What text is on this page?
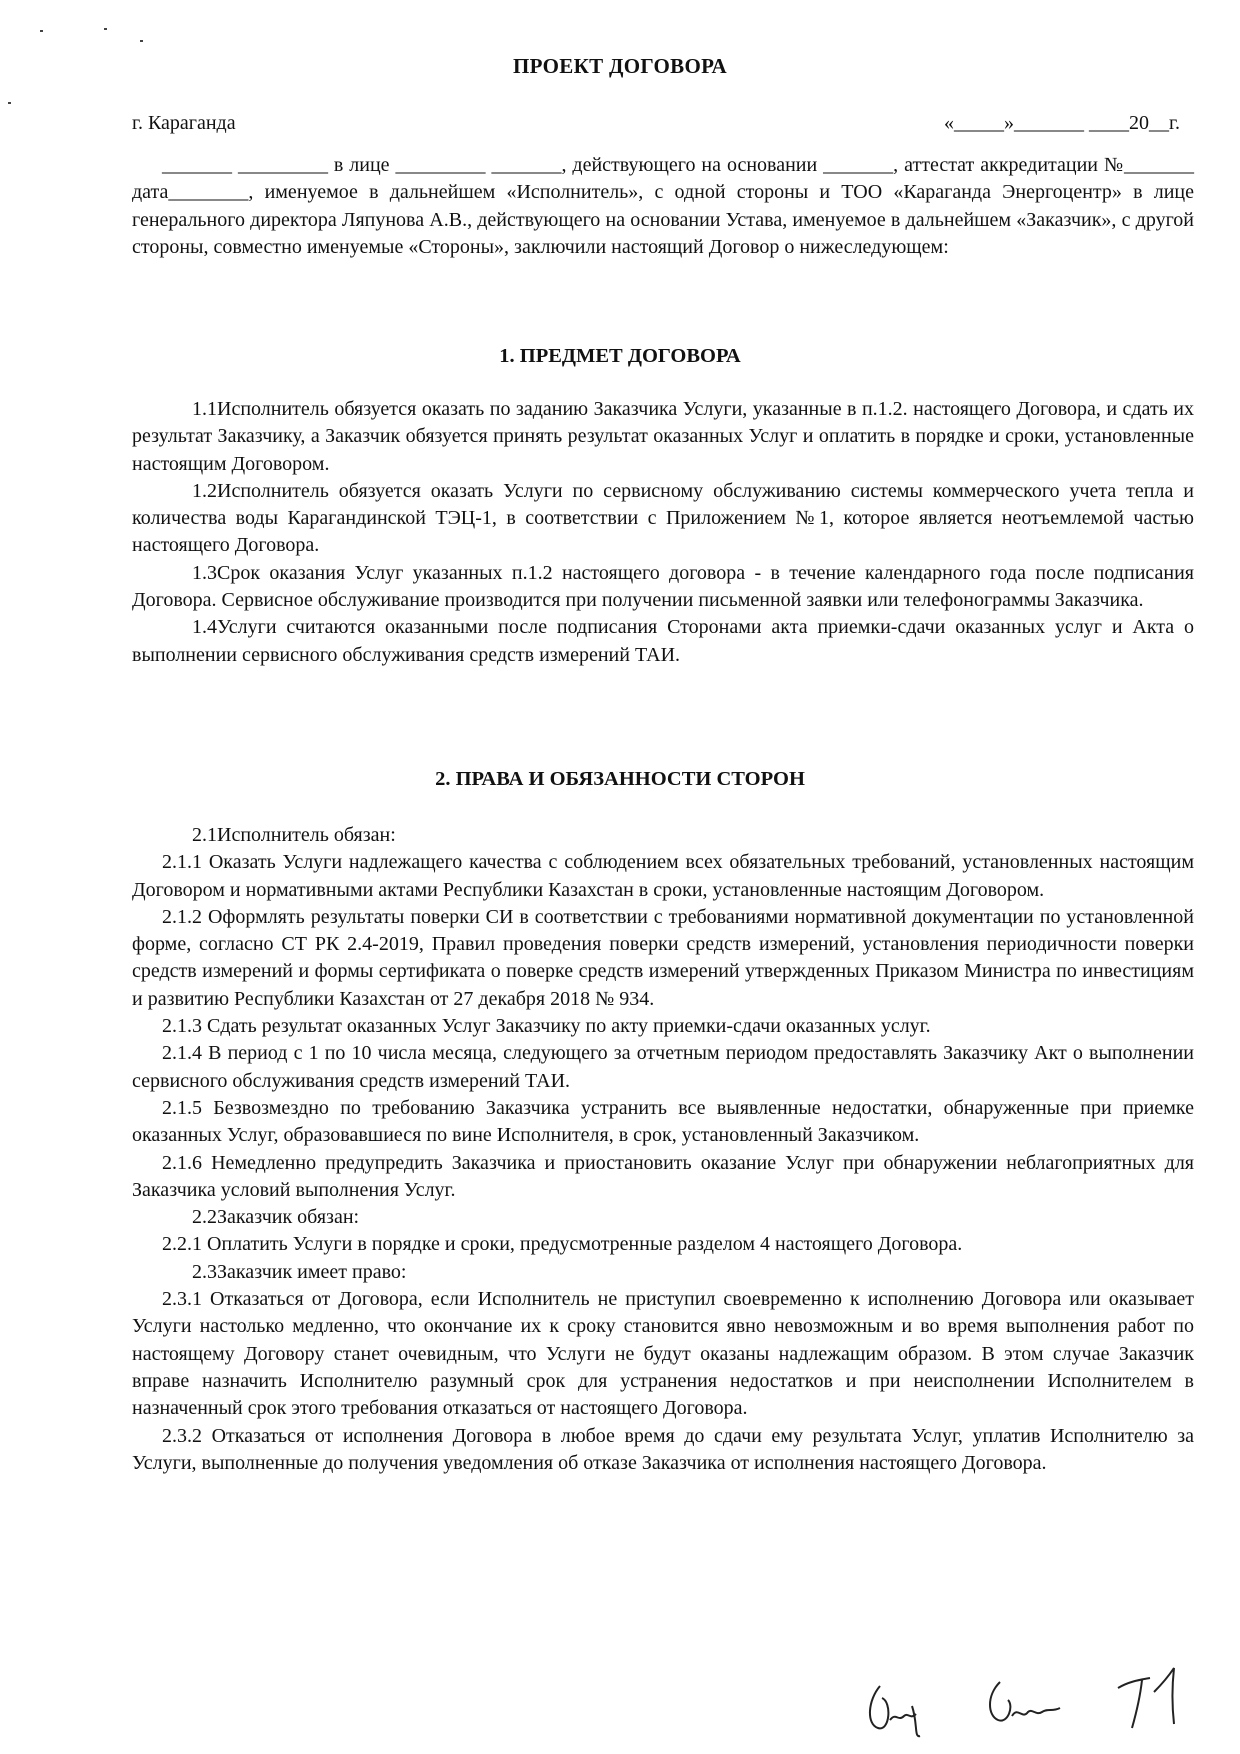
ПРОЕКТ ДОГОВОРА
г. Караганда	«_____»_______ ____20__г.

_______ _________ в лице _________ _______, действующего на основании _______, аттестат аккредитации №_______ дата________, именуемое в дальнейшем «Исполнитель», с одной стороны и ТОО «Караганда Энергоцентр» в лице генерального директора Ляпунова А.В., действующего на основании Устава, именуемое в дальнейшем «Заказчик», с другой стороны, совместно именуемые «Стороны», заключили настоящий Договор о нижеследующем:

1. ПРЕДМЕТ ДОГОВОРА

1.1Исполнитель обязуется оказать по заданию Заказчика Услуги, указанные в п.1.2. настоящего Договора, и сдать их результат Заказчику, а Заказчик обязуется принять результат оказанных Услуг и оплатить в порядке и сроки, установленные настоящим Договором.

1.2Исполнитель обязуется оказать Услуги по сервисному обслуживанию системы коммерческого учета тепла и количества воды Карагандинской ТЭЦ-1, в соответствии с Приложением №1, которое является неотъемлемой частью настоящего Договора.

1.3Срок оказания Услуг указанных п.1.2 настоящего договора - в течение календарного года после подписания Договора. Сервисное обслуживание производится при получении письменной заявки или телефонограммы Заказчика.

1.4Услуги считаются оказанными после подписания Сторонами акта приемки-сдачи оказанных услуг и Акта о выполнении сервисного обслуживания средств измерений ТАИ.

2. ПРАВА И ОБЯЗАННОСТИ СТОРОН

2.1Исполнитель обязан:

2.1.1 Оказать Услуги надлежащего качества с соблюдением всех обязательных требований, установленных настоящим Договором и нормативными актами Республики Казахстан в сроки, установленные настоящим Договором.

2.1.2 Оформлять результаты поверки СИ в соответствии с требованиями нормативной документации по установленной форме, согласно СТ РК 2.4-2019, Правил проведения поверки средств измерений, установления периодичности поверки средств измерений и формы сертификата о поверке средств измерений утвержденных Приказом Министра по инвестициям и развитию Республики Казахстан от 27 декабря 2018 № 934.

2.1.3 Сдать результат оказанных Услуг Заказчику по акту приемки-сдачи оказанных услуг.

2.1.4 В период с 1 по 10 числа месяца, следующего за отчетным периодом предоставлять Заказчику Акт о выполнении сервисного обслуживания средств измерений ТАИ.

2.1.5 Безвозмездно по требованию Заказчика устранить все выявленные недостатки, обнаруженные при приемке оказанных Услуг, образовавшиеся по вине Исполнителя, в срок, установленный Заказчиком.

2.1.6 Немедленно предупредить Заказчика и приостановить оказание Услуг при обнаружении неблагоприятных для Заказчика условий выполнения Услуг.

2.2Заказчик обязан:

2.2.1 Оплатить Услуги в порядке и сроки, предусмотренные разделом 4 настоящего Договора.

2.3Заказчик имеет право:

2.3.1 Отказаться от Договора, если Исполнитель не приступил своевременно к исполнению Договора или оказывает Услуги настолько медленно, что окончание их к сроку становится явно невозможным и во время выполнения работ по настоящему Договору станет очевидным, что Услуги не будут оказаны надлежащим образом. В этом случае Заказчик вправе назначить Исполнителю разумный срок для устранения недостатков и при неисполнении Исполнителем в назначенный срок этого требования отказаться от настоящего Договора.

2.3.2 Отказаться от исполнения Договора в любое время до сдачи ему результата Услуг, уплатив Исполнителю за Услуги, выполненные до получения уведомления об отказе Заказчика от исполнения настоящего Договора.
